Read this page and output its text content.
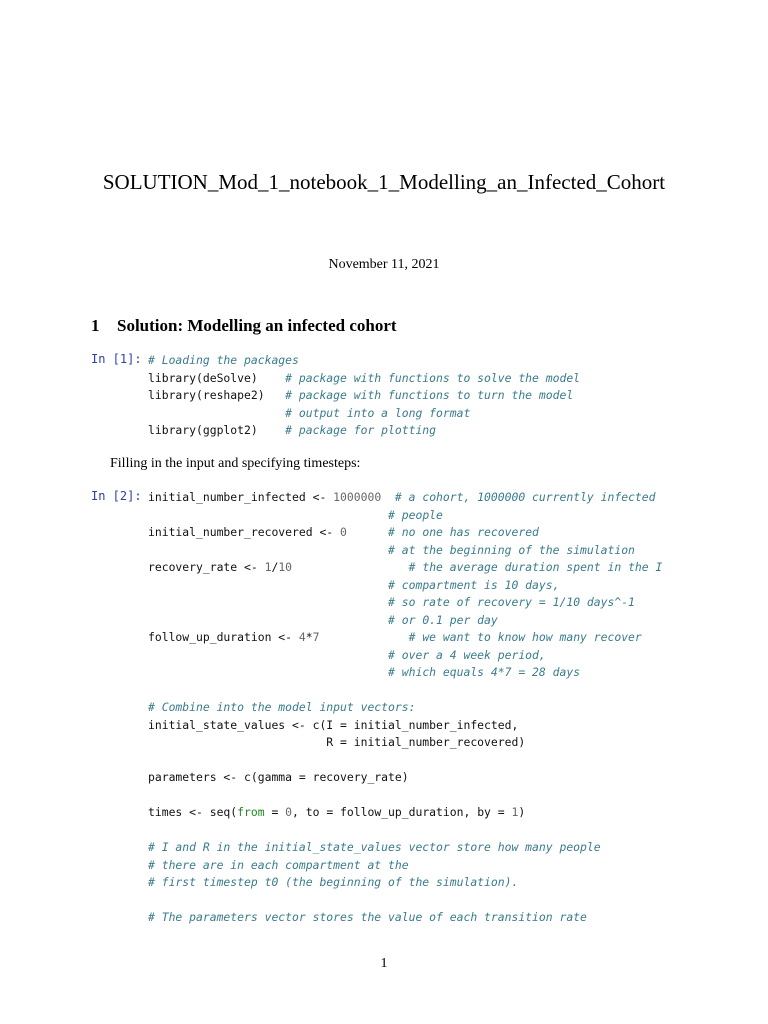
SOLUTION_Mod_1_notebook_1_Modelling_an_Infected_Cohort
November 11, 2021
1 Solution: Modelling an infected cohort
In [1]: # Loading the packages
library(deSolve)    # package with functions to solve the model
library(reshape2)   # package with functions to turn the model
# output into a long format
library(ggplot2)    # package for plotting
Filling in the input and specifying timesteps:
In [2]: initial_number_infected <- 1000000 # a cohort, 1000000 currently infected
# people
initial_number_recovered <- 0	# no one has recovered
# at the beginning of the simulation
recovery_rate <- 1/10	# the average duration spent in the I
# compartment is 10 days,
# so rate of recovery = 1/10 days^-1
# or 0.1 per day
follow_up_duration <- 4*7	# we want to know how many recover
# over a 4 week period,
# which equals 4*7 = 28 days

# Combine into the model input vectors:
initial_state_values <- c(I = initial_number_infected,
R = initial_number_recovered)

parameters <- c(gamma = recovery_rate)

times <- seq(from = 0, to = follow_up_duration, by = 1)

# I and R in the initial_state_values vector store how many people
# there are in each compartment at the
# first timestep t0 (the beginning of the simulation).

# The parameters vector stores the value of each transition rate
1
